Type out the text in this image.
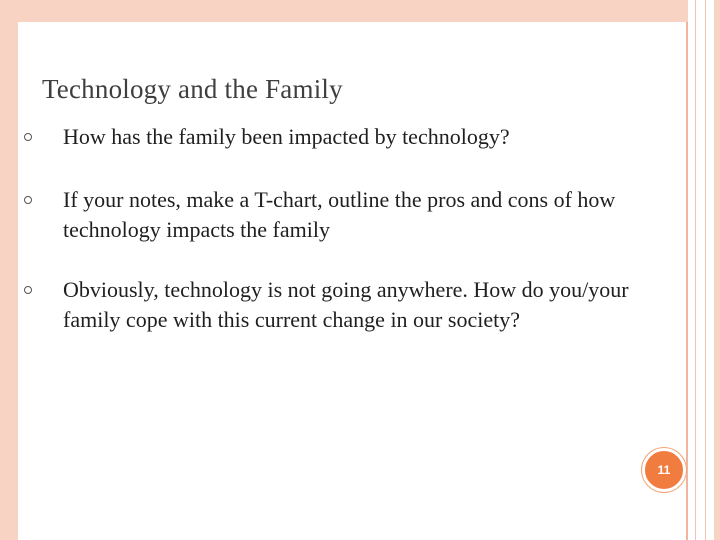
Technology and the Family
How has the family been impacted by technology?
If your notes, make a T-chart, outline the pros and cons of how technology impacts the family
Obviously, technology is not going anywhere. How do you/your family cope with this current change in our society?
11
